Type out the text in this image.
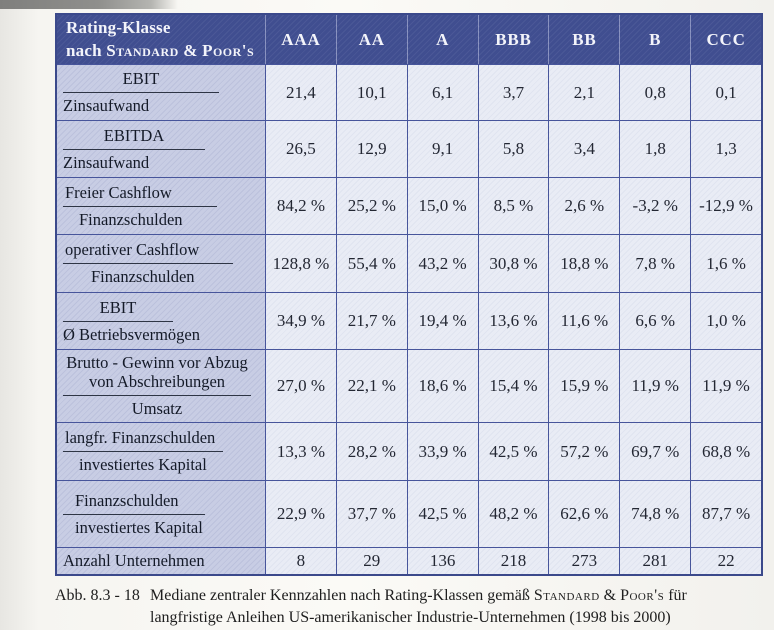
Rating-Klasse
nach Standard & Poor's
AAA	AA	A	BBB	BB	B	CCC
EBIT
Zinsaufwand
21,4	10,1	6,1	3,7	2,1	0,8	0,1
EBITDA
Zinsaufwand
26,5	12,9	9,1	5,8	3,4	1,8	1,3
Freier Cashflow
Finanzschulden
84,2 %	25,2 %	15,0 %	8,5 %	2,6 %	-3,2 %	-12,9 %
operativer Cashflow
Finanzschulden
128,8 %	55,4 %	43,2 %	30,8 %	18,8 %	7,8 %	1,6 %
EBIT
Ø Betriebsvermögen
34,9 %	21,7 %	19,4 %	13,6 %	11,6 %	6,6 %	1,0 %
Brutto - Gewinn vor Abzug von Abschreibungen
Umsatz
27,0 %	22,1 %	18,6 %	15,4 %	15,9 %	11,9 %	11,9 %
langfr. Finanzschulden
investiertes Kapital
13,3 %	28,2 %	33,9 %	42,5 %	57,2 %	69,7 %	68,8 %
Finanzschulden
investiertes Kapital
22,9 %	37,7 %	42,5 %	48,2 %	62,6 %	74,8 %	87,7 %
Anzahl Unternehmen	8	29	136	218	273	281	22
Abb. 8.3 - 18 Mediane zentraler Kennzahlen nach Rating-Klassen gemäß Standard & Poor's für langfristige Anleihen US-amerikanischer Industrie-Unternehmen (1998 bis 2000)
